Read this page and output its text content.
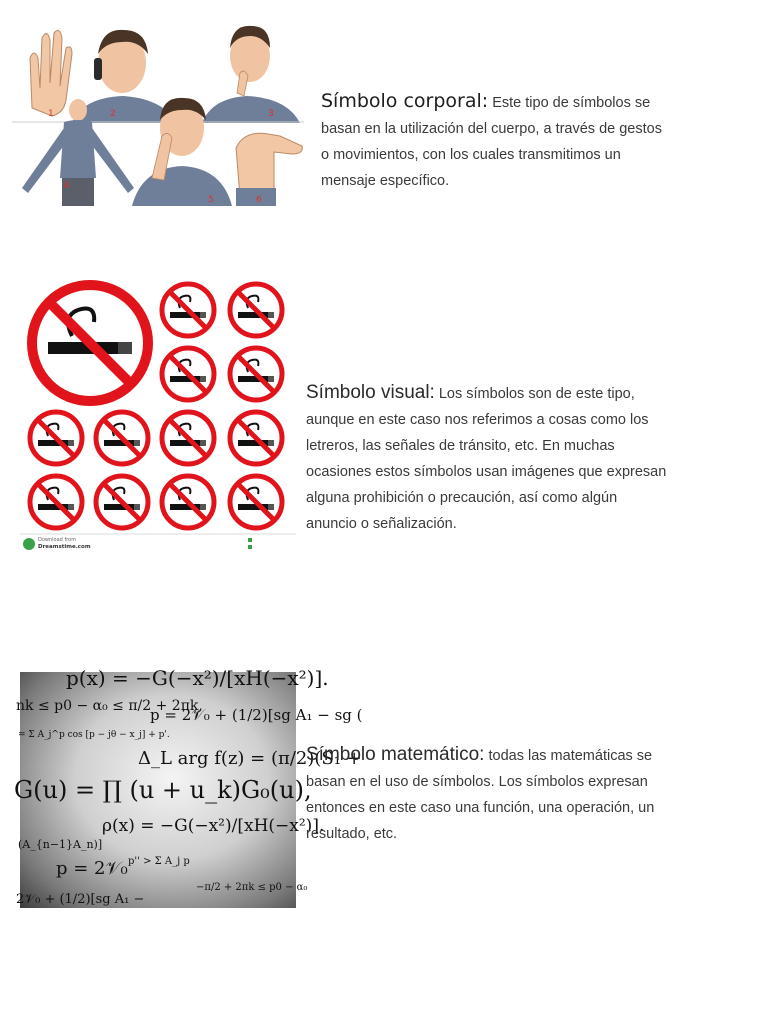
1	2	3
4
5	6
Símbolo corporal: Este tipo de símbolos se basan en la utilización del cuerpo, a través de gestos o movimientos, con los cuales transmitimos un mensaje específico.
Download from
Dreamstime.com
Símbolo visual: Los símbolos son de este tipo, aunque en este caso nos referimos a cosas como los letreros, las señales de tránsito, etc. En muchas ocasiones estos símbolos usan imágenes que expresan alguna prohibición o precaución, así como algún anuncio o señalización.
p(x) = −G(−x²)/[xH(−x²)].
nk ≤ p0 − α₀ ≤ π/2 + 2πk,
p = 2𝒱₀ + (1/2)[sg A₁ − sg (
= Σ A_j^p cos [p − jθ − x_j] + p'.
Δ_L arg f(z) = (π/2)(S₁ +
G(u) = ∏ (u + u_k)G₀(u),
ρ(x) = −G(−x²)/[xH(−x²)].
(A_{n−1}A_n)]
p = 2𝒱₀ p'' > Σ A_j p
−π/2 + 2πk ≤ p0 − α₀
2𝒱₀ + (1/2)[sg A₁ −
Símbolo matemático: todas las matemáticas se basan en el uso de símbolos. Los símbolos expresan entonces en este caso una función, una operación, un resultado, etc.
